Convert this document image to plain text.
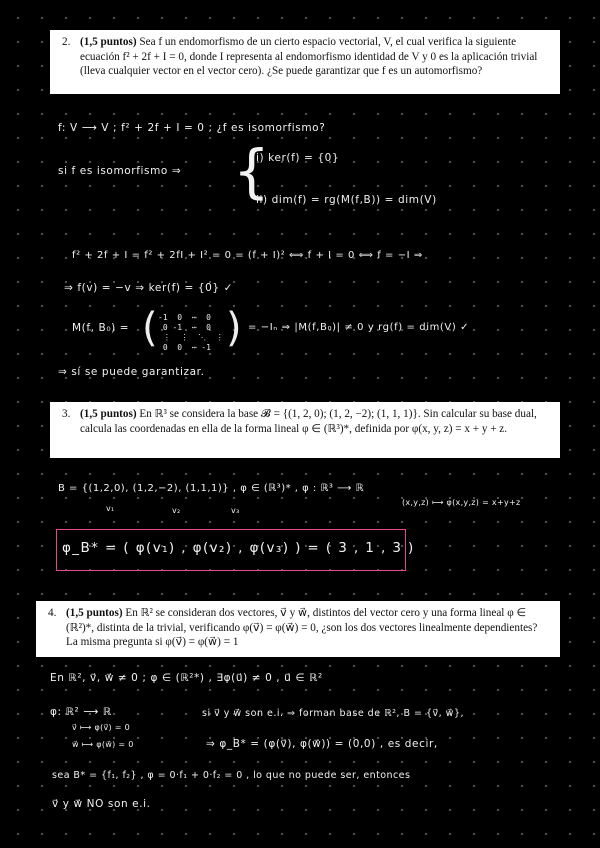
2. (1,5 puntos) Sea f un endomorfismo de un cierto espacio vectorial, V, el cual verifica la siguiente ecuación f² + 2f + I = 0, donde I representa al endomorfismo identidad de V y 0 es la aplicación trivial (lleva cualquier vector en el vector cero). ¿Se puede garantizar que f es un automorfismo?
f: V ⟶ V ; f² + 2f + I = 0 ; ¿f es isomorfismo?
si f es isomorfismo ⇒ {
i) ker(f) = {0}
ii) dim(f) = rg(M(f,B)) = dim(V)
f² + 2f + I = f² + 2fI + I² = 0 = (f + I)² ⟺ f + I = 0 ⟺ f = −I ⇒
⇒ f(v) = −v ⇒ ker(f) = {0} ✓
M(f, B₀) = ( -1  0  ⋯  0
0 -1  ⋯  0
⋮  ⋮  ⋱  ⋮
0  0  ⋯ -1 ) = −Iₙ ⇒ |M(f,B₀)| ≠ 0 y rg(f) = dim(V) ✓
⇒ sí se puede garantizar.
3. (1,5 puntos) En ℝ³ se considera la base 𝓑 = {(1, 2, 0); (1, 2, −2); (1, 1, 1)}. Sin calcular su base dual, calcula las coordenadas en ella de la forma lineal φ ∈ (ℝ³)*, definida por φ(x, y, z) = x + y + z.
B = {(1,2,0), (1,2,−2), (1,1,1)} , φ ∈ (ℝ³)* , φ : ℝ³ ⟶ ℝ
v₁	v₂	v₃
(x,y,z) ⟼ φ(x,y,z) = x+y+z
φ_B* = ( φ(v₁) , φ(v₂) , φ(v₃) ) = ( 3 , 1 , 3 )
4. (1,5 puntos) En ℝ² se consideran dos vectores, v⃗ y w⃗, distintos del vector cero y una forma lineal φ ∈ (ℝ²)*, distinta de la trivial, verificando φ(v⃗) = φ(w⃗) = 0, ¿son los dos vectores linealmente dependientes? La misma pregunta si φ(v⃗) = φ(w⃗) = 1
En ℝ², v⃗, w⃗ ≠ 0 ; φ ∈ (ℝ²*) , ∃φ(u⃗) ≠ 0 , u⃗ ∈ ℝ²
φ: ℝ² ⟶ ℝ
v⃗ ⟼ φ(v⃗) = 0
w⃗ ⟼ φ(w⃗) = 0
si v⃗ y w⃗ son e.i. ⇒ forman base de ℝ², B = {v⃗, w⃗},
⇒ φ_B* = (φ(v⃗), φ(w⃗)) = (0,0) , es decir,
sea B* = {f₁, f₂} , φ = 0·f₁ + 0·f₂ = 0 , lo que no puede ser, entonces
v⃗ y w⃗ NO son e.i.
